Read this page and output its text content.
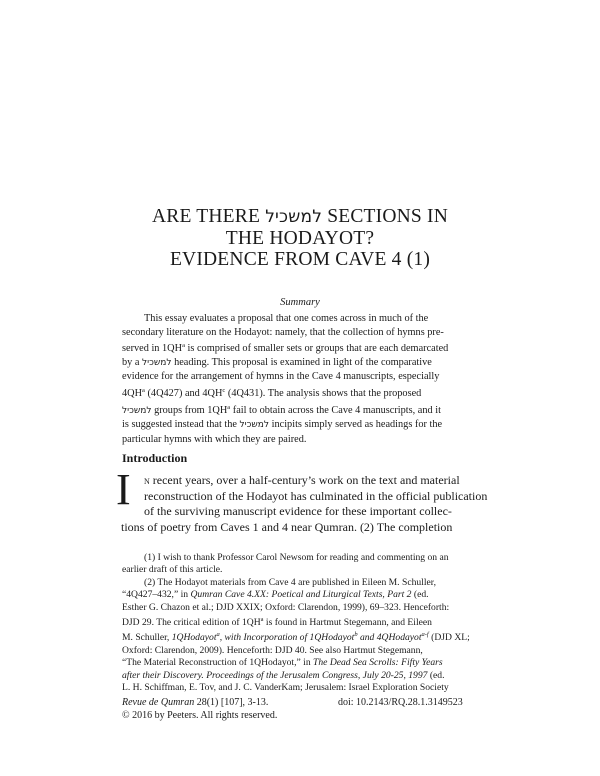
ARE THERE למשכיל SECTIONS IN
THE HODAYOT?
EVIDENCE FROM CAVE 4 (1)
Summary
This essay evaluates a proposal that one comes across in much of the
secondary literature on the Hodayot: namely, that the collection of hymns pre-
served in $1QH^a$ is comprised of smaller sets or groups that are each demarcated
by a למשכיל heading. This proposal is examined in light of the comparative
evidence for the arrangement of hymns in the Cave 4 manuscripts, especially
$4QH^a$ (4Q427) and $4QH^c$ (4Q431). The analysis shows that the proposed
למשכיל groups from $1QH^a$ fail to obtain across the Cave 4 manuscripts, and it
is suggested instead that the למשכיל incipits simply served as headings for the
particular hymns with which they are paired.
Introduction
I n recent years, over a half-century’s work on the text and material
reconstruction of the Hodayot has culminated in the official publication
of the surviving manuscript evidence for these important collec-
tions of poetry from Caves 1 and 4 near Qumran. (2) The completion
(1) I wish to thank Professor Carol Newsom for reading and commenting on an
earlier draft of this article.
(2) The Hodayot materials from Cave 4 are published in Eileen M. Schuller,
“4Q427–432,” in Qumran Cave 4.XX: Poetical and Liturgical Texts, Part 2 (ed.
Esther G. Chazon et al.; DJD XXIX; Oxford: Clarendon, 1999), 69–323. Henceforth:
DJD 29. The critical edition of $1QH^a$ is found in Hartmut Stegemann, and Eileen
M. Schuller, 1QHodayot$^a$, with Incorporation of 1QHodayot$^b$ and 4QHodayot$^{a-f}$ (DJD XL;
Oxford: Clarendon, 2009). Henceforth: DJD 40. See also Hartmut Stegemann,
“The Material Reconstruction of 1QHodayot,” in The Dead Sea Scrolls: Fifty Years
after their Discovery. Proceedings of the Jerusalem Congress, July 20-25, 1997 (ed.
L. H. Schiffman, E. Tov, and J. C. VanderKam; Jerusalem: Israel Exploration Society
Revue de Qumran 28(1) [107], 3-13.
© 2016 by Peeters. All rights reserved.
doi: 10.2143/RQ.28.1.3149523
